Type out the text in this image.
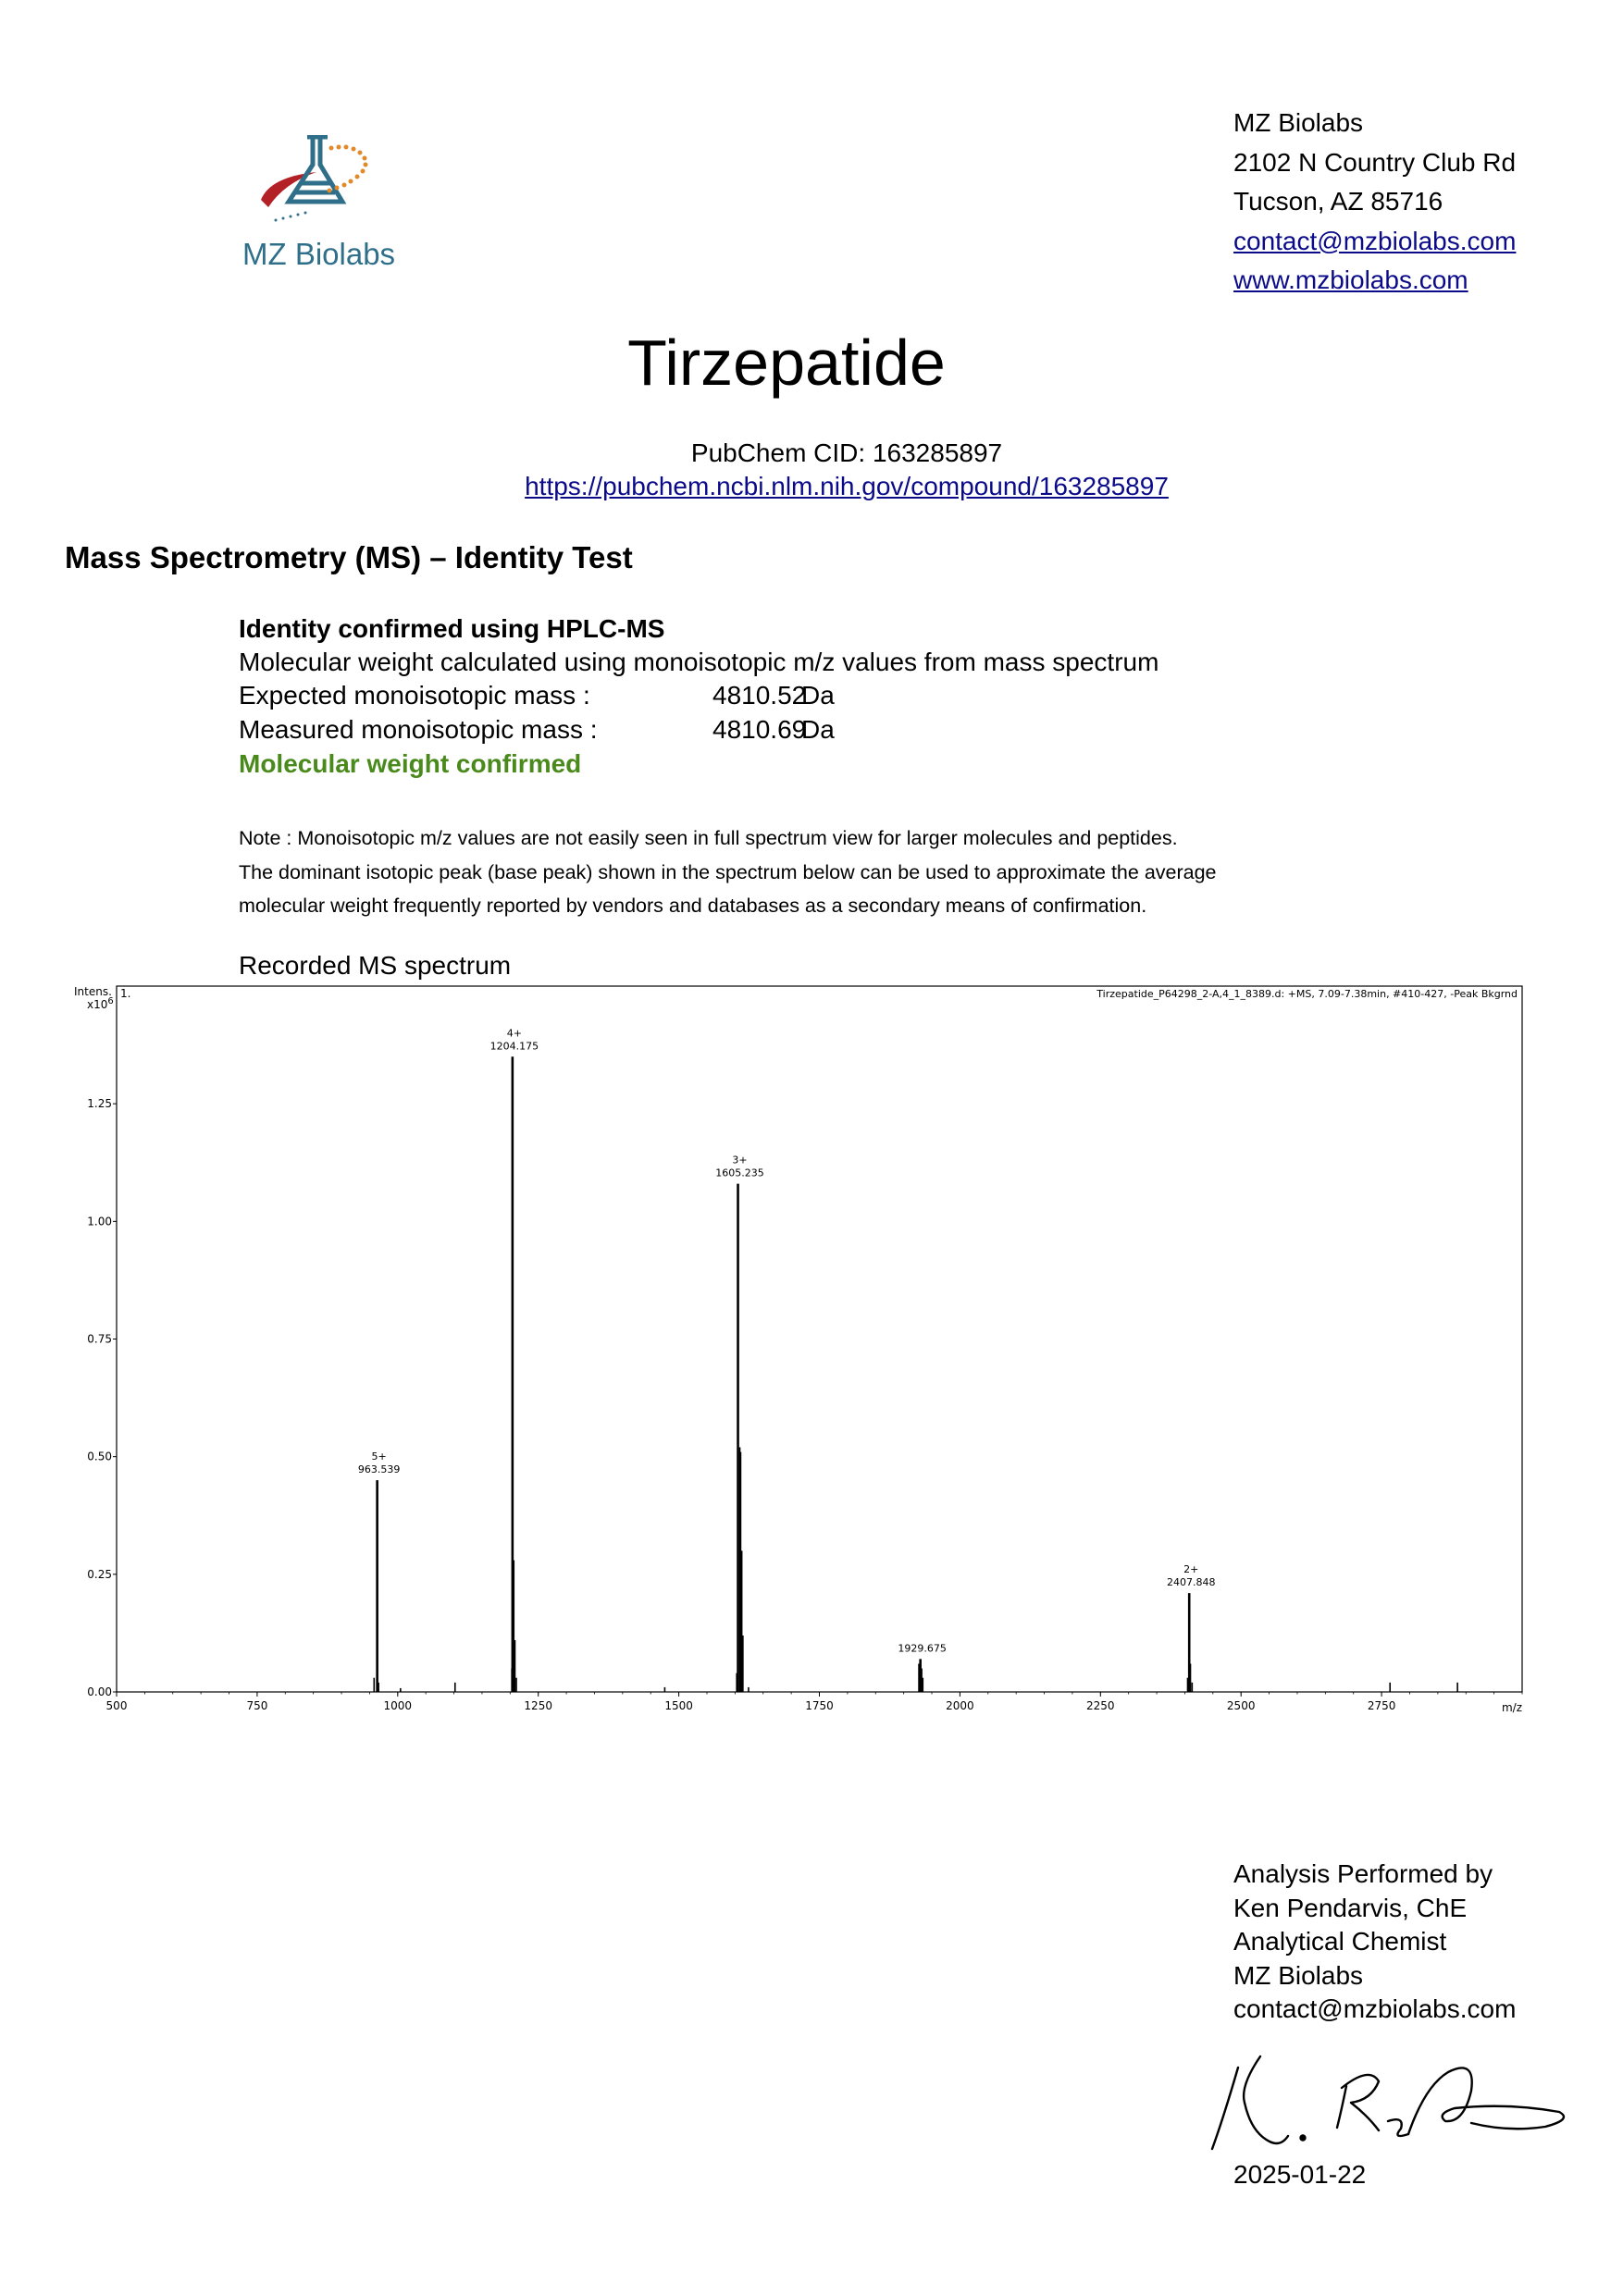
MZ Biolabs
MZ Biolabs
2102 N Country Club Rd
Tucson, AZ 85716
contact@mzbiolabs.com
www.mzbiolabs.com
Tirzepatide
PubChem CID: 163285897
https://pubchem.ncbi.nlm.nih.gov/compound/163285897
Mass Spectrometry (MS) – Identity Test
Identity confirmed using HPLC-MS
Molecular weight calculated using monoisotopic m/z values from mass spectrum
Expected monoisotopic mass :	4810.52Da
Measured monoisotopic mass :	4810.69Da
Molecular weight confirmed
Note : Monoisotopic m/z values are not easily seen in full spectrum view for larger molecules and peptides.
The dominant isotopic peak (base peak) shown in the spectrum below can be used to approximate the average
molecular weight frequently reported by vendors and databases as a secondary means of confirmation.
Recorded MS spectrum
Intens.
$x10^6$
1.	Tirzepatide_P64298_2-A,4_1_8389.d: +MS, 7.09-7.38min, #410-427, -Peak Bkgrnd
m/z
500	750	1000	1250	1500	1750	2000	2250	2500	2750
0.00
0.25
0.50
0.75
1.00
1.25
5+
963.539
4+
1204.175
3+
1605.235
1929.675
2+
2407.848
Analysis Performed by
Ken Pendarvis, ChE
Analytical Chemist
MZ Biolabs
contact@mzbiolabs.com
2025-01-22
